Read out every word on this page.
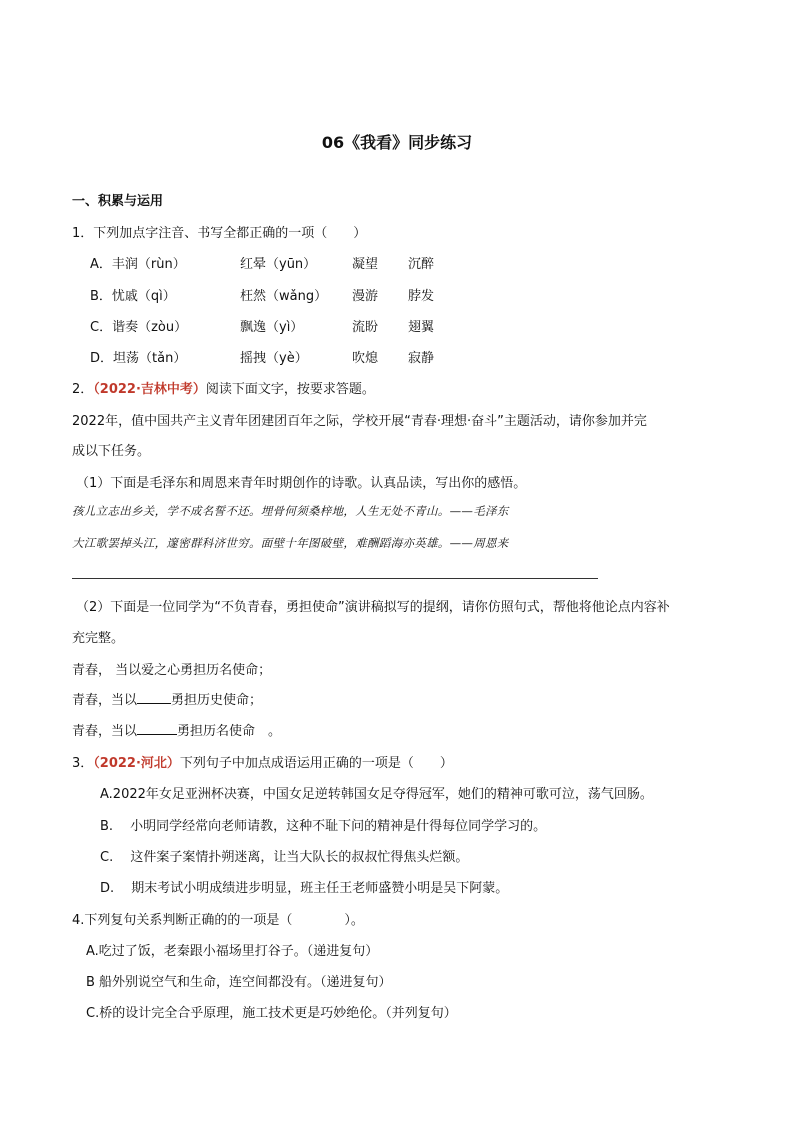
06《我看》同步练习
一、积累与运用
1．下列加点字注音、书写全都正确的一项（　　）
A．丰润（rùn）	红晕（yūn）	凝望 沉醉
B．忧戚（qì）	枉然（wǎng） 漫游 脖发
C．谐奏（zòu）	飘逸（yì）	流盼 翅翼
D．坦荡（tǎn）	摇拽（yè）	吹熄 寂静
2．（2022·吉林中考）阅读下面文字，按要求答题。
2022年，值中国共产主义青年团建团百年之际，学校开展“青春·理想·奋斗”主题活动，请你参加并完
成以下任务。
（1）下面是毛泽东和周恩来青年时期创作的诗歌。认真品读，写出你的感悟。
孩儿立志出乡关，学不成名誓不还。埋骨何须桑梓地，人生无处不青山。——毛泽东
大江歌罢掉头江，邃密群科济世穷。面壁十年图破壁，难酬蹈海亦英雄。——周恩来
（2）下面是一位同学为“不负青春，勇担使命”演讲稿拟写的提纲，请你仿照句式，帮他将他论点内容补
充完整。
青春， 当以爱之心勇担历名使命；
青春，当以	勇担历史使命；
青春，当以	勇担历名使命　。
3．（2022·河北）下列句子中加点成语运用正确的一项是（　　）
A.2022年女足亚洲杯决赛，中国女足逆转韩国女足夺得冠军，她们的精神可歌可泣，荡气回肠。
B.　 小明同学经常向老师请教，这种不耻下问的精神是什得每位同学学习的。
C.　 这件案子案情扑朔迷离，让当大队长的叔叔忙得焦头烂额。
D.　 期末考试小明成绩进步明显，班主任王老师盛赞小明是吴下阿蒙。
4.下列复句关系判断正确的的一项是（　　　　）。
A.吃过了饭，老秦跟小福场里打谷子。（递进复句）
B 船外别说空气和生命，连空间都没有。（递进复句）
C.桥的设计完全合乎原理，施工技术更是巧妙绝伦。（并列复句）
